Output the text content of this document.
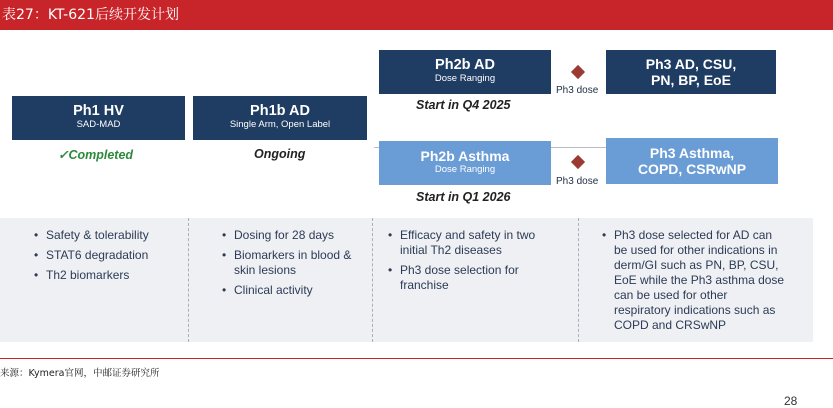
表27：KT-621后续开发计划
Ph1 HV
SAD-MAD
✓Completed
Ph1b AD
Single Arm, Open Label
Ongoing
Ph2b AD
Dose Ranging
Start in Q4 2025
Ph3 dose
Ph3 AD, CSU,
PN, BP, EoE
Ph2b Asthma
Dose Ranging
Start in Q1 2026
Ph3 dose
Ph3 Asthma,
COPD, CSRwNP
• Safety & tolerability
• STAT6 degradation
• Th2 biomarkers
• Dosing for 28 days
• Biomarkers in blood & skin lesions
• Clinical activity
• Efficacy and safety in two initial Th2 diseases
• Ph3 dose selection for franchise
• Ph3 dose selected for AD can be used for other indications in derm/GI such as PN, BP, CSU, EoE while the Ph3 asthma dose can be used for other respiratory indications such as COPD and CRSwNP
来源：Kymera官网，中邮证券研究所
28
